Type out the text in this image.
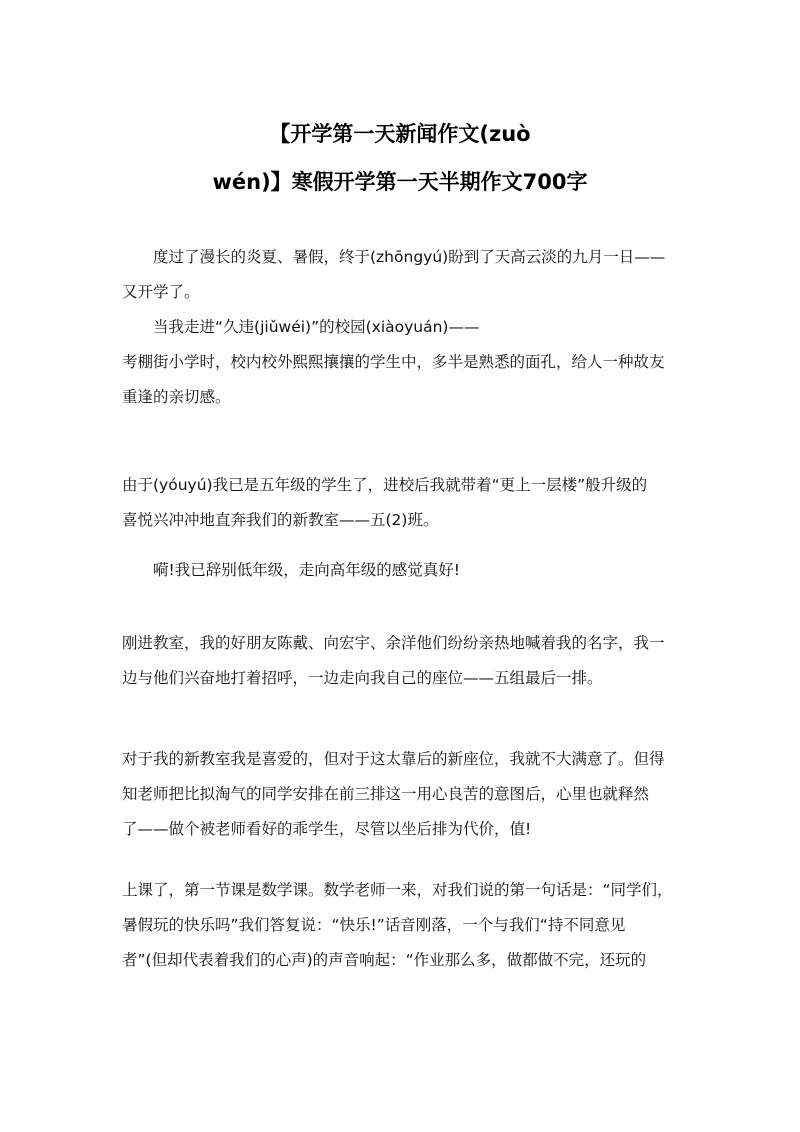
【开学第一天新闻作文(zuò
wén)】寒假开学第一天半期作文700字
度过了漫长的炎夏、暑假，终于(zhōngyú)盼到了天高云淡的九月一日——
又开学了。
当我走进“久违(jiǔwéi)”的校园(xiàoyuán)——
考棚街小学时，校内校外熙熙攘攘的学生中，多半是熟悉的面孔，给人一种故友
重逢的亲切感。
由于(yóuyú)我已是五年级的学生了，进校后我就带着“更上一层楼”般升级的
喜悦兴冲冲地直奔我们的新教室——五(2)班。
嗬!我已辞别低年级，走向高年级的感觉真好!
刚进教室，我的好朋友陈戴、向宏宇、余洋他们纷纷亲热地喊着我的名字，我一
边与他们兴奋地打着招呼，一边走向我自己的座位——五组最后一排。
对于我的新教室我是喜爱的，但对于这太靠后的新座位，我就不大满意了。但得
知老师把比拟淘气的同学安排在前三排这一用心良苦的意图后，心里也就释然
了——做个被老师看好的乖学生，尽管以坐后排为代价，值!
上课了，第一节课是数学课。数学老师一来，对我们说的第一句话是：“同学们，
暑假玩的快乐吗”我们答复说：“快乐!”话音刚落，一个与我们“持不同意见
者”(但却代表着我们的心声)的声音响起：“作业那么多，做都做不完，还玩的
